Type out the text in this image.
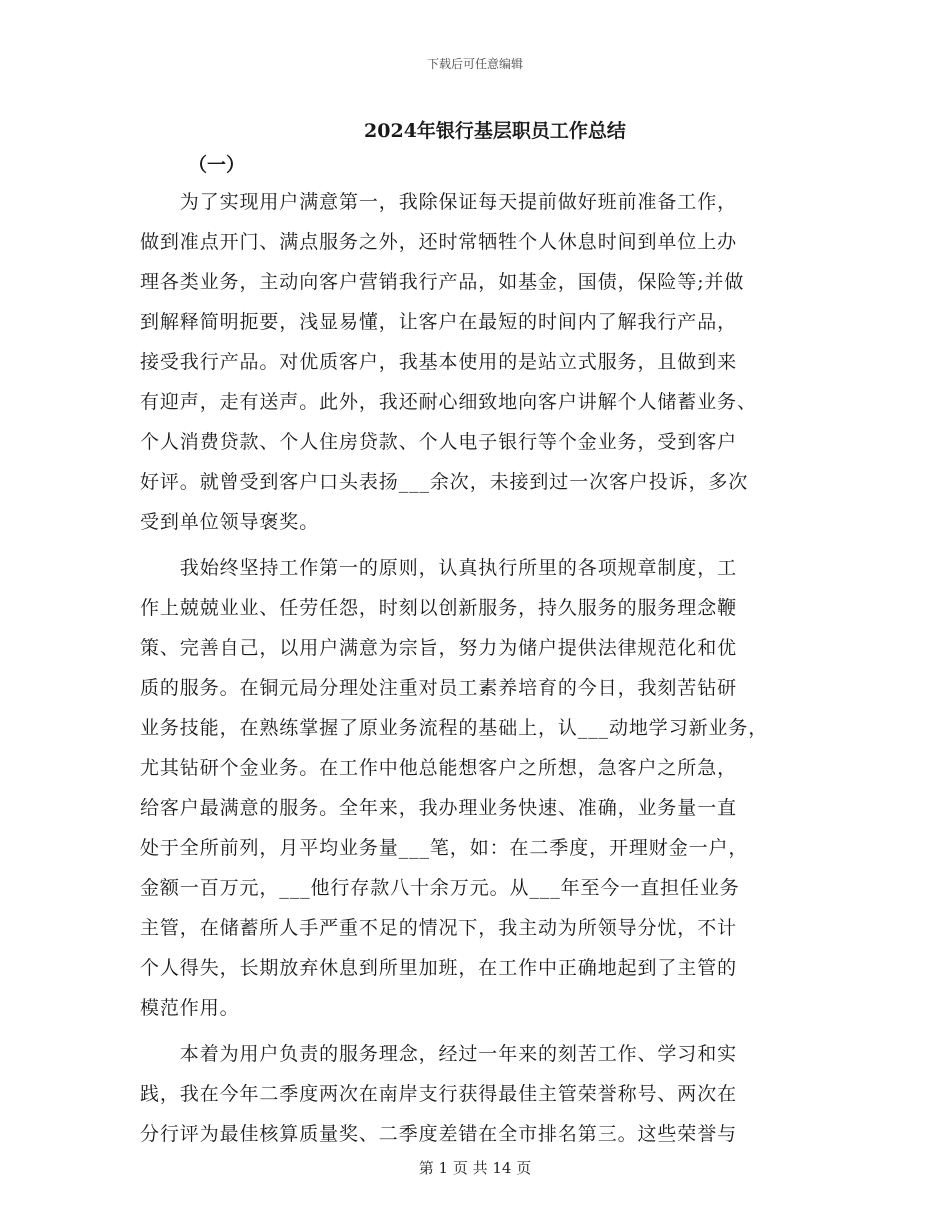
下载后可任意编辑
2024年银行基层职员工作总结
（一）
　　为了实现用户满意第一，我除保证每天提前做好班前准备工作，
做到准点开门、满点服务之外，还时常牺牲个人休息时间到单位上办
理各类业务，主动向客户营销我行产品，如基金，国债，保险等;并做
到解释简明扼要，浅显易懂，让客户在最短的时间内了解我行产品，
接受我行产品。对优质客户，我基本使用的是站立式服务，且做到来
有迎声，走有送声。此外，我还耐心细致地向客户讲解个人储蓄业务、
个人消费贷款、个人住房贷款、个人电子银行等个金业务，受到客户
好评。就曾受到客户口头表扬___余次，未接到过一次客户投诉，多次
受到单位领导褒奖。
　　我始终坚持工作第一的原则，认真执行所里的各项规章制度，工
作上兢兢业业、任劳任怨，时刻以创新服务，持久服务的服务理念鞭
策、完善自己，以用户满意为宗旨，努力为储户提供法律规范化和优
质的服务。在铜元局分理处注重对员工素养培育的今日，我刻苦钻研
业务技能，在熟练掌握了原业务流程的基础上，认___动地学习新业务，
尤其钻研个金业务。在工作中他总能想客户之所想，急客户之所急，
给客户最满意的服务。全年来，我办理业务快速、准确，业务量一直
处于全所前列，月平均业务量___笔，如：在二季度，开理财金一户，
金额一百万元，___他行存款八十余万元。从___年至今一直担任业务
主管，在储蓄所人手严重不足的情况下，我主动为所领导分忧，不计
个人得失，长期放弃休息到所里加班，在工作中正确地起到了主管的
模范作用。
　　本着为用户负责的服务理念，经过一年来的刻苦工作、学习和实
践，我在今年二季度两次在南岸支行获得最佳主管荣誉称号、两次在
分行评为最佳核算质量奖、二季度差错在全市排名第三。这些荣誉与
第 1 页 共 14 页
